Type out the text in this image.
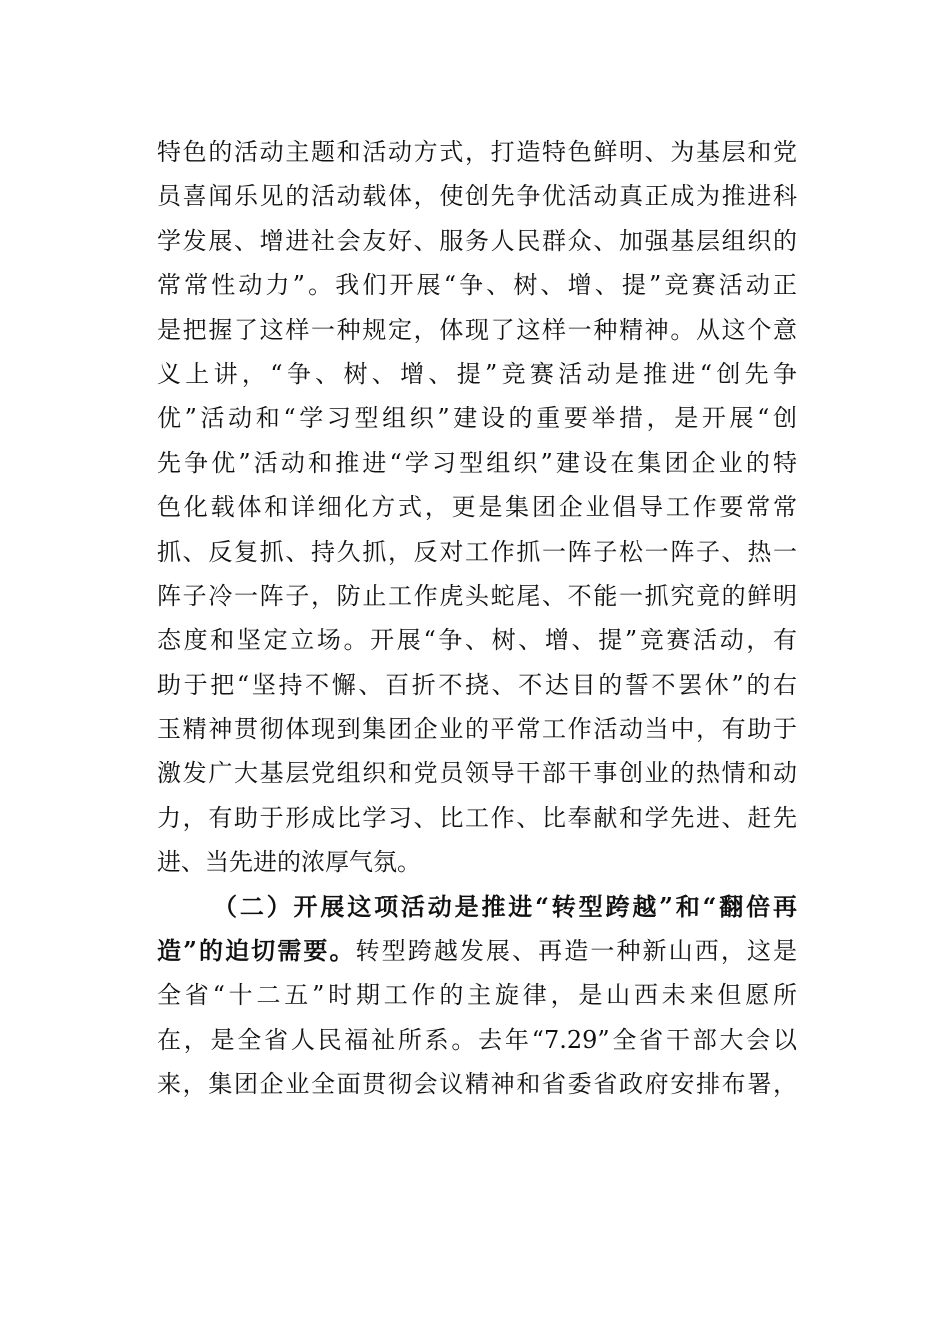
特色的活动主题和活动方式，打造特色鲜明、为基层和党
员喜闻乐见的活动载体，使创先争优活动真正成为推进科
学发展、增进社会友好、服务人民群众、加强基层组织的
常常性动力”。我们开展“争、树、增、提”竞赛活动正
是把握了这样一种规定，体现了这样一种精神。从这个意
义上讲，“争、树、增、提”竞赛活动是推进“创先争
优”活动和“学习型组织”建设的重要举措，是开展“创
先争优”活动和推进“学习型组织”建设在集团企业的特
色化载体和详细化方式，更是集团企业倡导工作要常常
抓、反复抓、持久抓，反对工作抓一阵子松一阵子、热一
阵子冷一阵子，防止工作虎头蛇尾、不能一抓究竟的鲜明
态度和坚定立场。开展“争、树、增、提”竞赛活动，有
助于把“坚持不懈、百折不挠、不达目的誓不罢休”的右
玉精神贯彻体现到集团企业的平常工作活动当中，有助于
激发广大基层党组织和党员领导干部干事创业的热情和动
力，有助于形成比学习、比工作、比奉献和学先进、赶先
进、当先进的浓厚气氛。
（二）开展这项活动是推进“转型跨越”和“翻倍再
造”的迫切需要。转型跨越发展、再造一种新山西，这是
全省“十二五”时期工作的主旋律，是山西未来但愿所
在，是全省人民福祉所系。去年“7.29”全省干部大会以
来，集团企业全面贯彻会议精神和省委省政府安排布署，
